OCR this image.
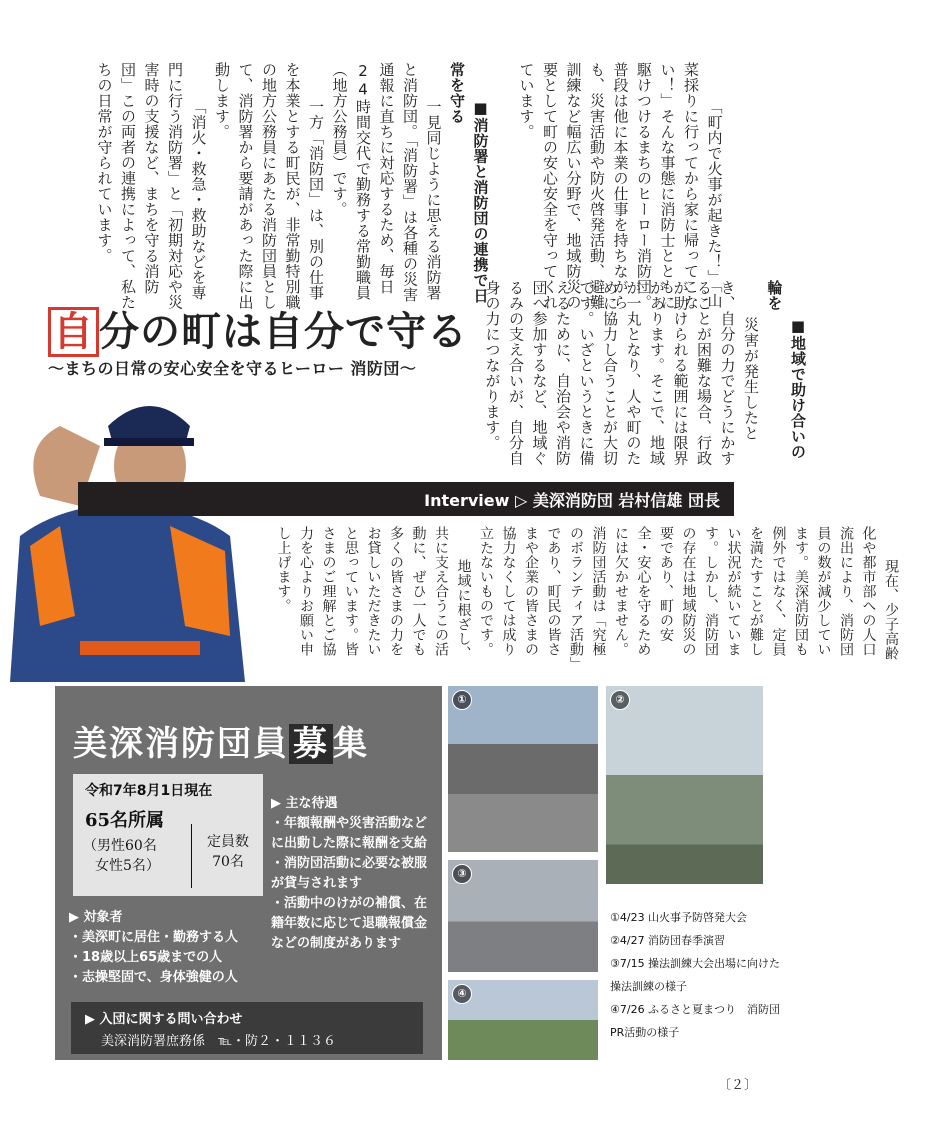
「町内で火事が起きた！」「山菜採りに行ってから家に帰ってこない！」そんな事態に消防士とともに駆けつけるまちのヒーロー消防団。普段は他に本業の仕事を持ちながらも、災害活動や防火啓発活動、避難訓練など幅広い分野で、地域防災の要として町の安心安全を守ってくれています。

■消防署と消防団の連携で日常を守る
一見同じように思える消防署と消防団。「消防署」は各種の災害通報に直ちに対応するため、毎日24時間交代で勤務する常勤職員（地方公務員）です。
一方「消防団」は、別の仕事を本業とする町民が、非常勤特別職の地方公務員にあたる消防団員として、消防署から要請があった際に出動します。
「消火・救急・救助などを専門に行う消防署」と「初期対応や災害時の支援など、まちを守る消防団」この両者の連携によって、私たちの日常が守られています。

■地域で助け合いの輪を
災害が発生したとき、自分の力でどうにかすることが困難な場合、行政が助けられる範囲には限界があります。そこで、地域が一丸となり、人や町のために協力し合うことが大切です。いざというときに備えるために、自治会や消防団へ参加するなど、地域ぐるみの支え合いが、自分自身の力につながります。

自 分の町は自分で守る
～まちの日常の安心安全を守るヒーロー 消防団～
Interview ▷ 美深消防団 岩村信雄 団長

現在、少子高齢化や都市部への人口流出により、消防団員の数が減少しています。美深消防団も例外ではなく、定員を満たすことが難しい状況が続いています。しかし、消防団の存在は地域防災の要であり、町の安全・安心を守るためには欠かせません。消防団活動は「究極のボランティア活動」であり、町民の皆さまや企業の皆さまの協力なくしては成り立たないものです。
地域に根ざし、共に支え合うこの活動に、ぜひ一人でも多くの皆さまの力をお貸しいただきたいと思っています。皆さまのご理解とご協力を心よりお願い申し上げます。

美深消防団員 募 集
令和7年8月1日現在
65名所属
（男性60名
女性5名）
定員数
70名
▶ 主な待遇
・年額報酬や災害活動などに出動した際に報酬を支給
・消防団活動に必要な被服が貸与されます
・活動中のけがの補償、在籍年数に応じて退職報償金などの制度があります
▶ 対象者
・美深町に居住・勤務する人
・18歳以上65歳までの人
・志操堅固で、身体強健の人
▶ 入団に関する問い合わせ
美深消防署庶務係　℡・防２・１１３６
①	②
③
④
①4/23 山火事予防啓発大会
②4/27 消防団春季演習
③7/15 操法訓練大会出場に向けた操法訓練の様子
④7/26 ふるさと夏まつり　消防団PR活動の様子
〔２〕
